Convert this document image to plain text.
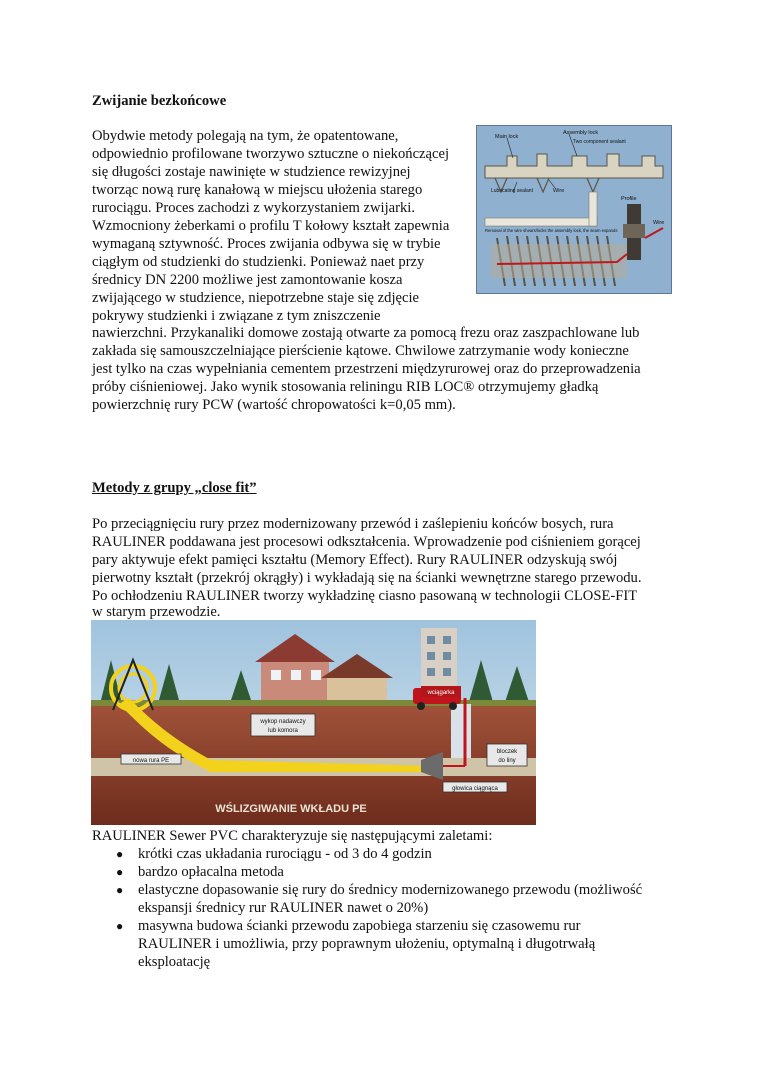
Zwijanie bezkońcowe
Obydwie metody polegają na tym, że opatentowane,
odpowiednio profilowane tworzywo sztuczne o niekończącej
się długości zostaje nawinięte w studzience rewizyjnej
tworząc nową rurę kanałową w miejscu ułożenia starego
rurociągu. Proces zachodzi z wykorzystaniem zwijarki.
Wzmocniony żeberkami o profilu T kołowy kształt zapewnia
wymaganą sztywność. Proces zwijania odbywa się w trybie
ciągłym od studzienki do studzienki. Ponieważ naet przy
średnicy DN 2200 możliwe jest zamontowanie kosza
zwijającego w studzience, niepotrzebne staje się zdjęcie
pokrywy studzienki i związane z tym zniszczenie
nawierzchni. Przykanaliki domowe zostają otwarte za pomocą frezu oraz zaszpachlowane lub
zakłada się samouszczelniające pierścienie kątowe. Chwilowe zatrzymanie wody konieczne
jest tylko na czas wypełniania cementem przestrzeni międzyrurowej oraz do przeprowadzenia
próby ciśnieniowej. Jako wynik stosowania reliningu RIB LOC® otrzymujemy gładką
powierzchnię rury PCW (wartość chropowatości k=0,05 mm).
Main lock
Assembly lock
Two component sealant
Lubricating sealant	Wire
Profile
Removal of the wire shears/locks the assembly lock, the seam expands
Wire
Metody z grupy „close fit”
Po przeciągnięciu rury przez modernizowany przewód i zaślepieniu końców bosych, rura
RAULINER poddawana jest procesowi odkształcenia. Wprowadzenie pod ciśnieniem gorącej
pary aktywuje efekt pamięci kształtu (Memory Effect). Rury RAULINER odzyskują swój
pierwotny kształt (przekrój okrągły) i wykładają się na ścianki wewnętrzne starego przewodu.
Po ochłodzeniu RAULINER tworzy wykładzinę ciasno pasowaną w technologii CLOSE-FIT
w starym przewodzie.
wciągarka
wykop nadawczy
lub komora
nowa rura PE
bloczek
do liny
głowica ciągnąca
WŚLIZGIWANIE WKŁADU PE
RAULINER Sewer PVC charakteryzuje się następującymi zaletami:
● krótki czas układania rurociągu - od 3 do 4 godzin
● bardzo opłacalna metoda
● elastyczne dopasowanie się rury do średnicy modernizowanego przewodu (możliwość
ekspansji średnicy rur RAULINER nawet o 20%)
● masywna budowa ścianki przewodu zapobiega starzeniu się czasowemu rur
RAULINER i umożliwia, przy poprawnym ułożeniu, optymalną i długotrwałą
eksploatację
